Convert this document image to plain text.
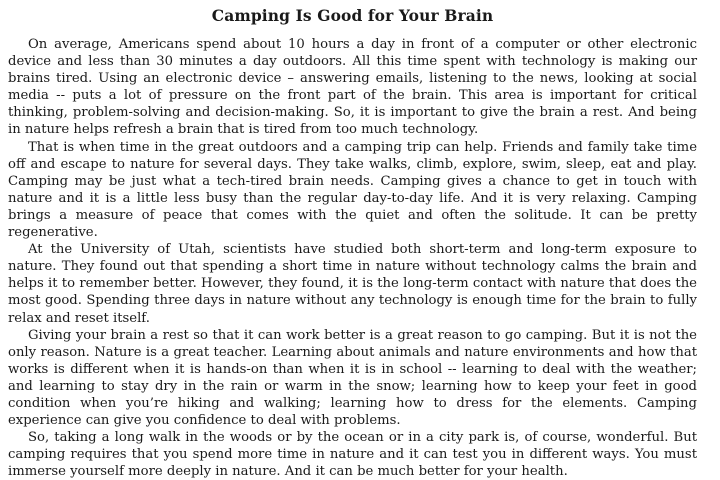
Camping Is Good for Your Brain

On average, Americans spend about 10 hours a day in front of a computer or other electronic device and less than 30 minutes a day outdoors. All this time spent with technology is making our brains tired. Using an electronic device – answering emails, listening to the news, looking at social media -- puts a lot of pressure on the front part of the brain. This area is important for critical thinking, problem-solving and decision-making. So, it is important to give the brain a rest. And being in nature helps refresh a brain that is tired from too much technology.

That is when time in the great outdoors and a camping trip can help. Friends and family take time off and escape to nature for several days. They take walks, climb, explore, swim, sleep, eat and play. Camping may be just what a tech-tired brain needs. Camping gives a chance to get in touch with nature and it is a little less busy than the regular day-to-day life. And it is very relaxing. Camping brings a measure of peace that comes with the quiet and often the solitude. It can be pretty regenerative.

At the University of Utah, scientists have studied both short-term and long-term exposure to nature. They found out that spending a short time in nature without technology calms the brain and helps it to remember better. However, they found, it is the long-term contact with nature that does the most good. Spending three days in nature without any technology is enough time for the brain to fully relax and reset itself.

Giving your brain a rest so that it can work better is a great reason to go camping. But it is not the only reason. Nature is a great teacher. Learning about animals and nature environments and how that works is different when it is hands-on than when it is in school -- learning to deal with the weather; and learning to stay dry in the rain or warm in the snow; learning how to keep your feet in good condition when you’re hiking and walking; learning how to dress for the elements. Camping experience can give you confidence to deal with problems.

So, taking a long walk in the woods or by the ocean or in a city park is, of course, wonderful. But camping requires that you spend more time in nature and it can test you in different ways. You must immerse yourself more deeply in nature. And it can be much better for your health.
